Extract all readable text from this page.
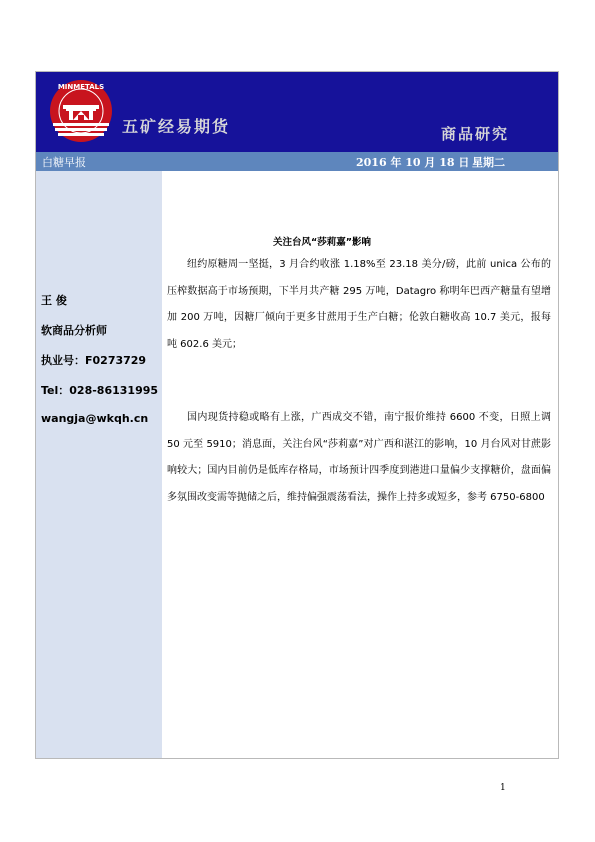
MINMETALS
五矿经易期货	商品研究
白糖早报	2016 年 10 月 18 日 星期二
王 俊
软商品分析师
执业号：F0273729
Tel：028-86131995
wangja@wkqh.cn
关注台风“莎莉嘉”影响

纽约原糖周一坚挺，3 月合约收涨 1.18%至 23.18 美分/磅，此前 unica 公布的压榨数据高于市场预期，下半月共产糖 295 万吨，Datagro 称明年巴西产糖量有望增加 200 万吨，因糖厂倾向于更多甘蔗用于生产白糖；伦敦白糖收高 10.7 美元，报每吨 602.6 美元；

国内现货持稳或略有上涨，广西成交不错，南宁报价维持 6600 不变，日照上调 50 元至 5910；消息面，关注台风“莎莉嘉”对广西和湛江的影响，10 月台风对甘蔗影响较大；国内目前仍是低库存格局，市场预计四季度到港进口量偏少支撑糖价，盘面偏多氛围改变需等抛储之后，维持偏强震荡看法，操作上持多或短多，参考 6750-6800

1
